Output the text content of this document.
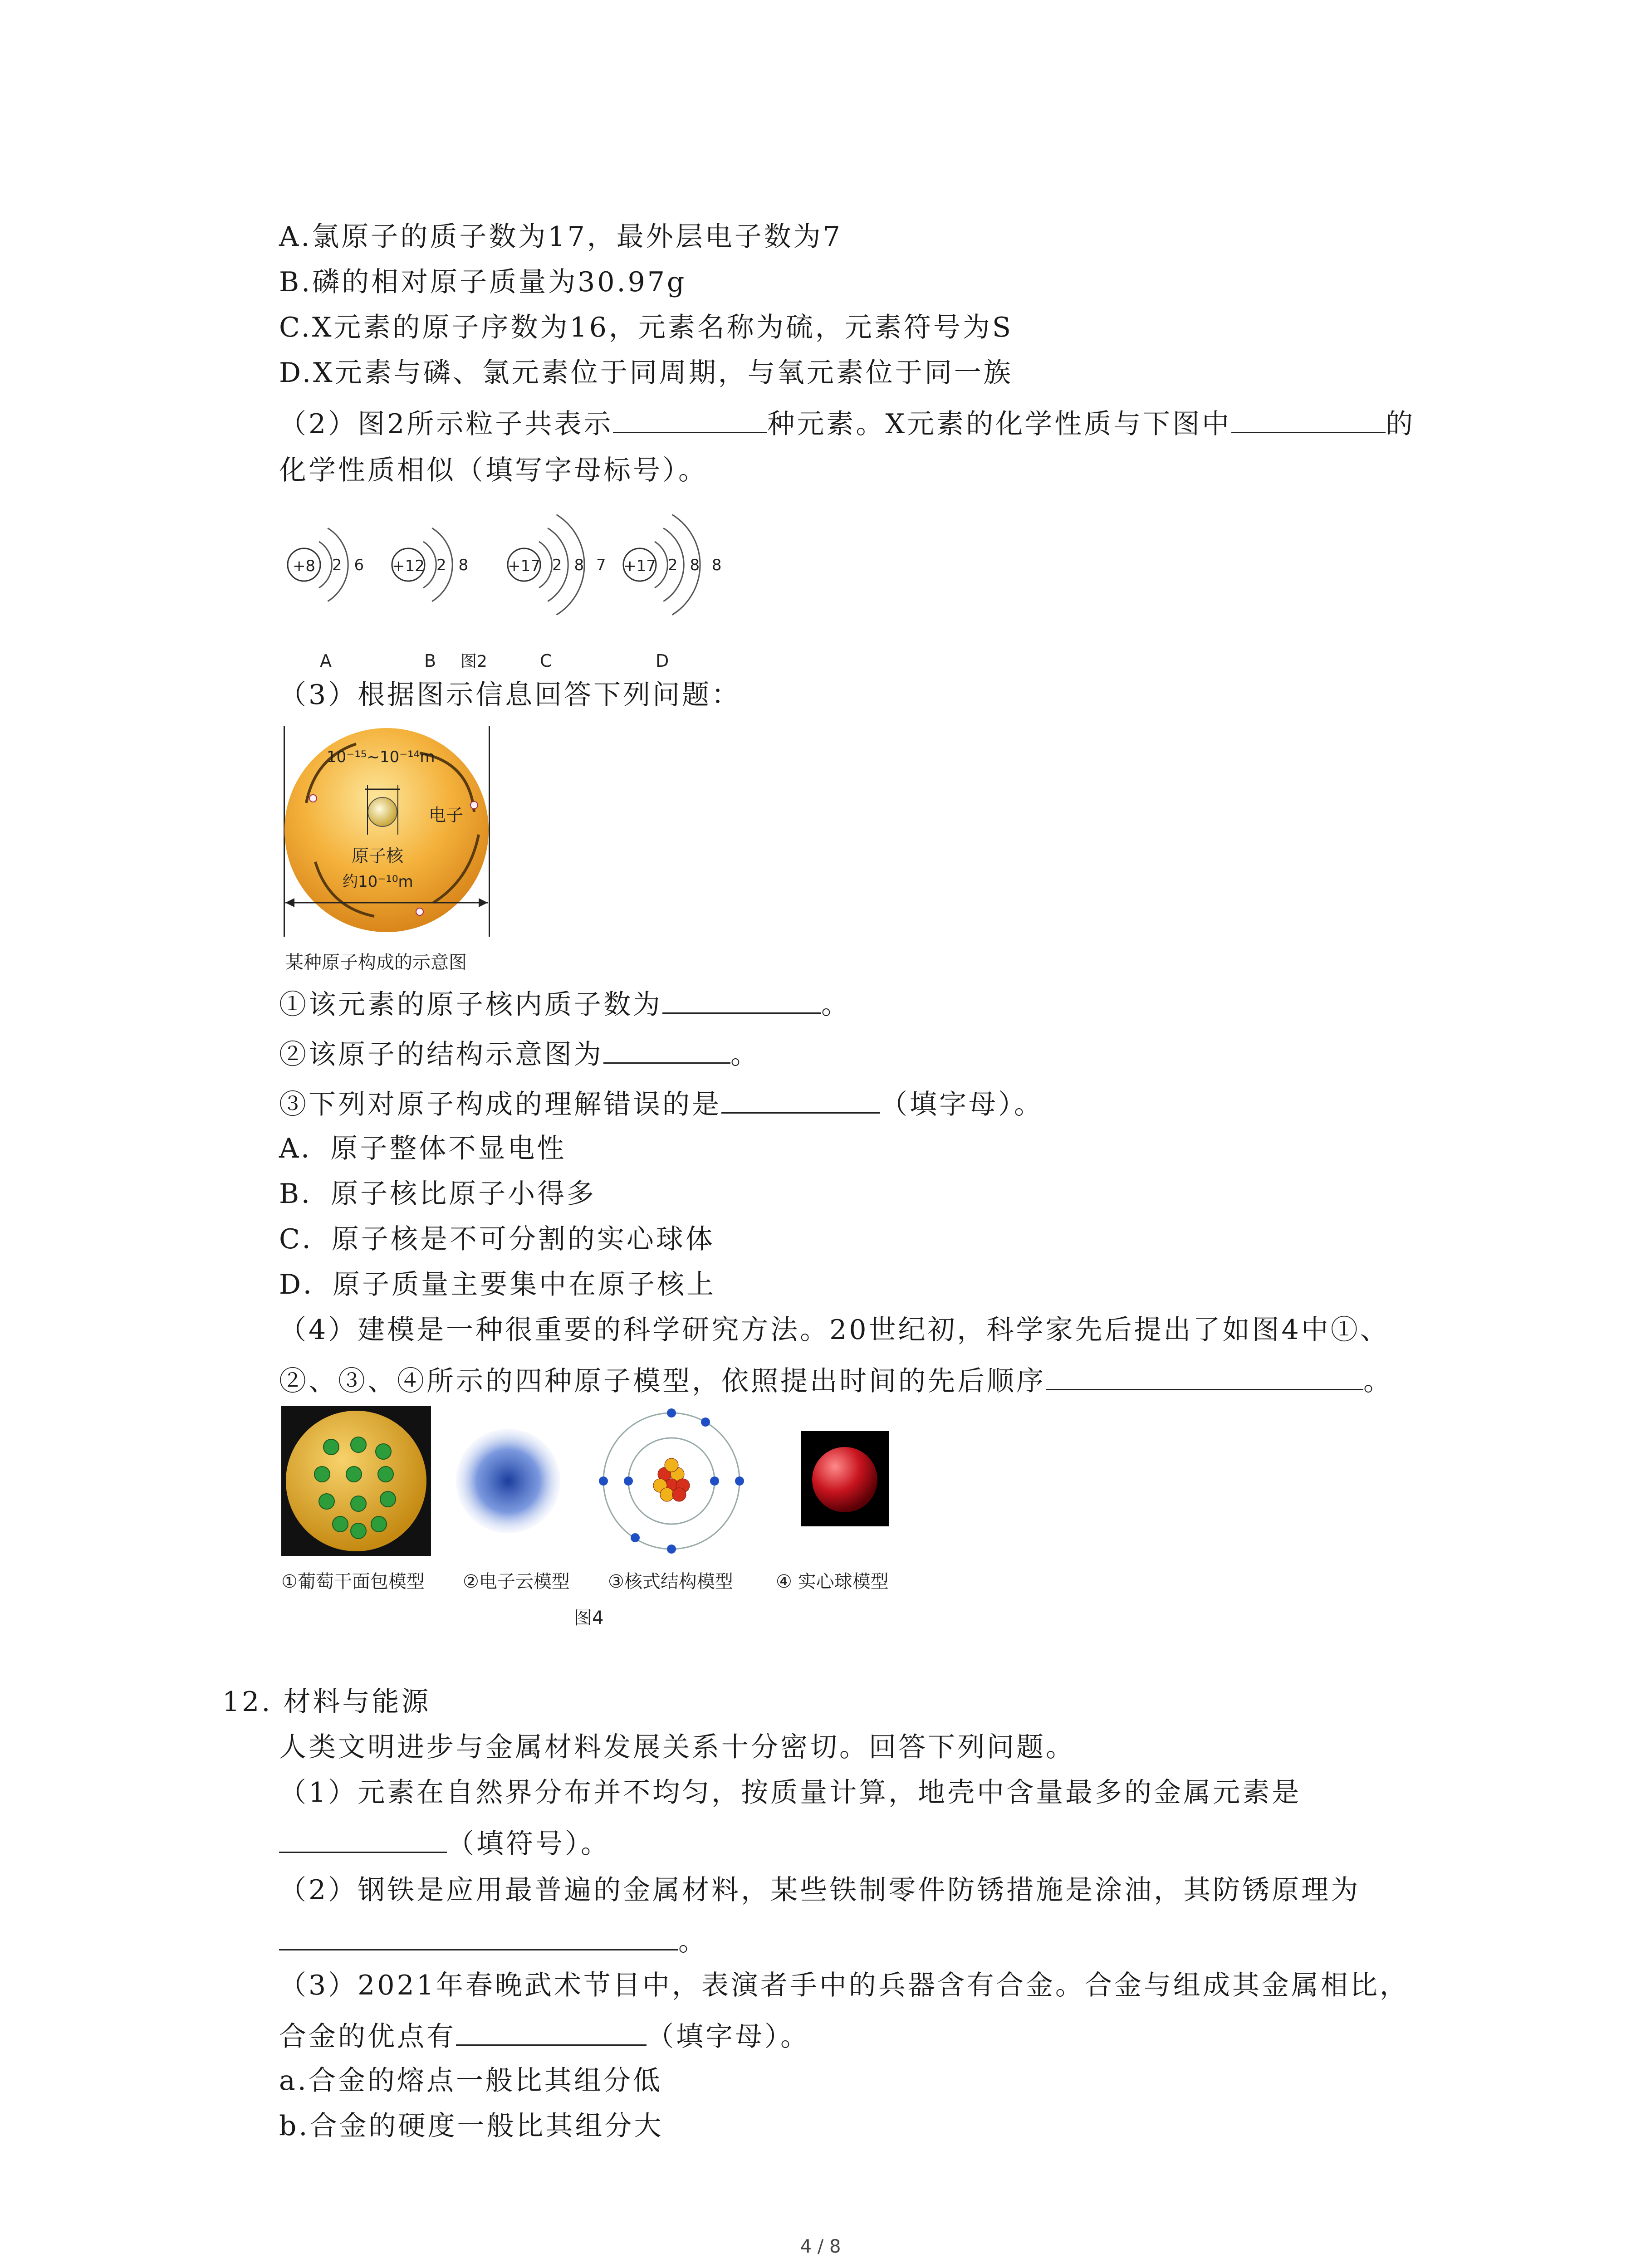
A.氯原子的质子数为17，最外层电子数为7
B.磷的相对原子质量为30.97g
C.X元素的原子序数为16，元素名称为硫，元素符号为S
D.X元素与磷、氯元素位于同周期，与氧元素位于同一族
（2）图2所示粒子共表示	种元素。X元素的化学性质与下图中	的
化学性质相似（填写字母标号）。
+8 2 6
A
+12 2 8
B
+17 2 8 7
C
+17 2 8 8
D
图2
（3）根据图示信息回答下列问题：
10⁻¹⁵~10⁻¹⁴m
电子
原子核
约10⁻¹⁰m
某种原子构成的示意图
①该元素的原子核内质子数为	。
②该原子的结构示意图为	。
③下列对原子构成的理解错误的是	（填字母）。
A．原子整体不显电性
B．原子核比原子小得多
C．原子核是不可分割的实心球体
D．原子质量主要集中在原子核上
（4）建模是一种很重要的科学研究方法。20世纪初，科学家先后提出了如图4中①、
②、③、④所示的四种原子模型，依照提出时间的先后顺序	。
①葡萄干面包模型 ②电子云模型 ③核式结构模型 ④ 实心球模型
图4
12. 材料与能源
人类文明进步与金属材料发展关系十分密切。回答下列问题。
（1）元素在自然界分布并不均匀，按质量计算，地壳中含量最多的金属元素是
（填符号）。
（2）钢铁是应用最普遍的金属材料，某些铁制零件防锈措施是涂油，其防锈原理为
。
（3）2021年春晚武术节目中，表演者手中的兵器含有合金。合金与组成其金属相比，
合金的优点有	（填字母）。
a.合金的熔点一般比其组分低
b.合金的硬度一般比其组分大
4 / 8
